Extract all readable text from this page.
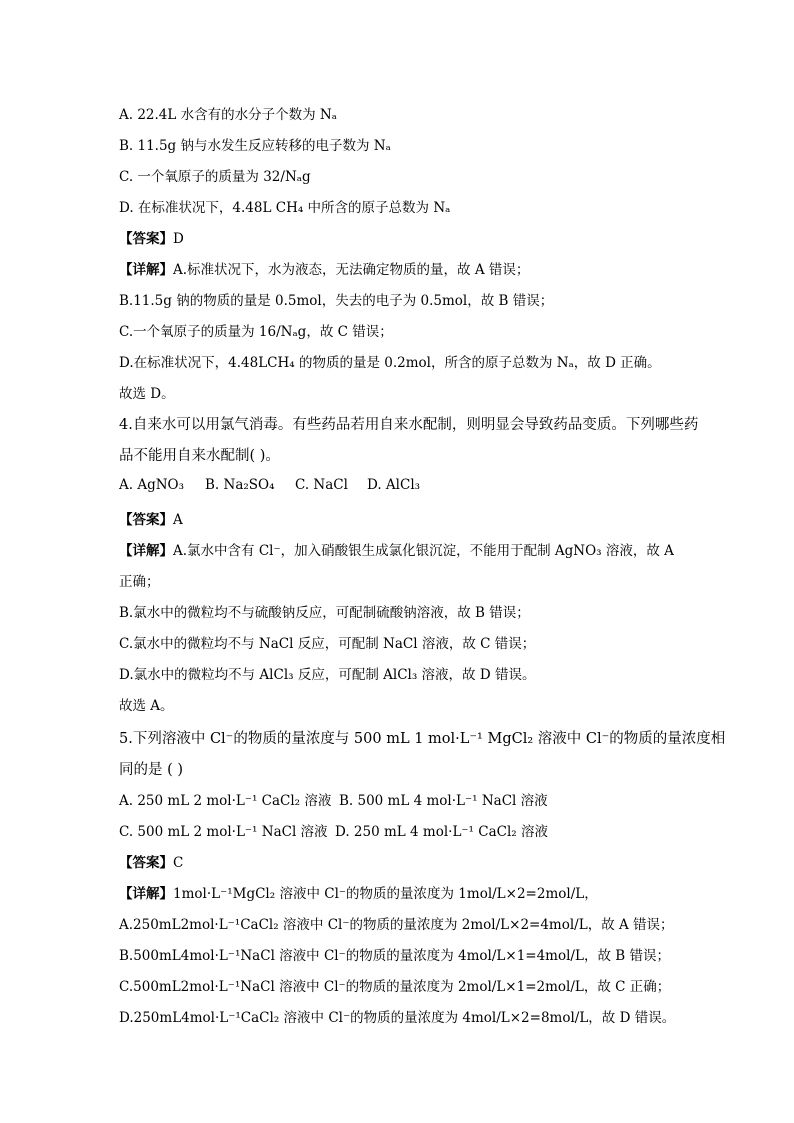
A. 22.4L 水含有的水分子个数为 Nₐ
B. 11.5g 钠与水发生反应转移的电子数为 Nₐ
C. 一个氧原子的质量为 32/Nₐg
D. 在标准状况下，4.48L CH₄ 中所含的原子总数为 Nₐ
【答案】D
【详解】A.标准状况下，水为液态，无法确定物质的量，故 A 错误；
B.11.5g 钠的物质的量是 0.5mol，失去的电子为 0.5mol，故 B 错误；
C.一个氧原子的质量为 16/Nₐg，故 C 错误；
D.在标准状况下，4.48LCH₄ 的物质的量是 0.2mol，所含的原子总数为 Nₐ，故 D 正确。
故选 D。
4.自来水可以用氯气消毒。有些药品若用自来水配制，则明显会导致药品变质。下列哪些药
品不能用自来水配制( )。
A. AgNO₃ B. Na₂SO₄ C. NaCl D. AlCl₃
【答案】A
【详解】A.氯水中含有 Cl⁻，加入硝酸银生成氯化银沉淀，不能用于配制 AgNO₃ 溶液，故 A
正确；
B.氯水中的微粒均不与硫酸钠反应，可配制硫酸钠溶液，故 B 错误；
C.氯水中的微粒均不与 NaCl 反应，可配制 NaCl 溶液，故 C 错误；
D.氯水中的微粒均不与 AlCl₃ 反应，可配制 AlCl₃ 溶液，故 D 错误。
故选 A。
5.下列溶液中 Cl⁻的物质的量浓度与 500 mL 1 mol·L⁻¹ MgCl₂ 溶液中 Cl⁻的物质的量浓度相
同的是 ( )
A. 250 mL 2 mol·L⁻¹ CaCl₂ 溶液 B. 500 mL 4 mol·L⁻¹ NaCl 溶液
C. 500 mL 2 mol·L⁻¹ NaCl 溶液 D. 250 mL 4 mol·L⁻¹ CaCl₂ 溶液
【答案】C
【详解】1mol·L⁻¹MgCl₂ 溶液中 Cl⁻的物质的量浓度为 1mol/L×2=2mol/L，
A.250mL2mol·L⁻¹CaCl₂ 溶液中 Cl⁻的物质的量浓度为 2mol/L×2=4mol/L，故 A 错误；
B.500mL4mol·L⁻¹NaCl 溶液中 Cl⁻的物质的量浓度为 4mol/L×1=4mol/L，故 B 错误；
C.500mL2mol·L⁻¹NaCl 溶液中 Cl⁻的物质的量浓度为 2mol/L×1=2mol/L，故 C 正确；
D.250mL4mol·L⁻¹CaCl₂ 溶液中 Cl⁻的物质的量浓度为 4mol/L×2=8mol/L，故 D 错误。
